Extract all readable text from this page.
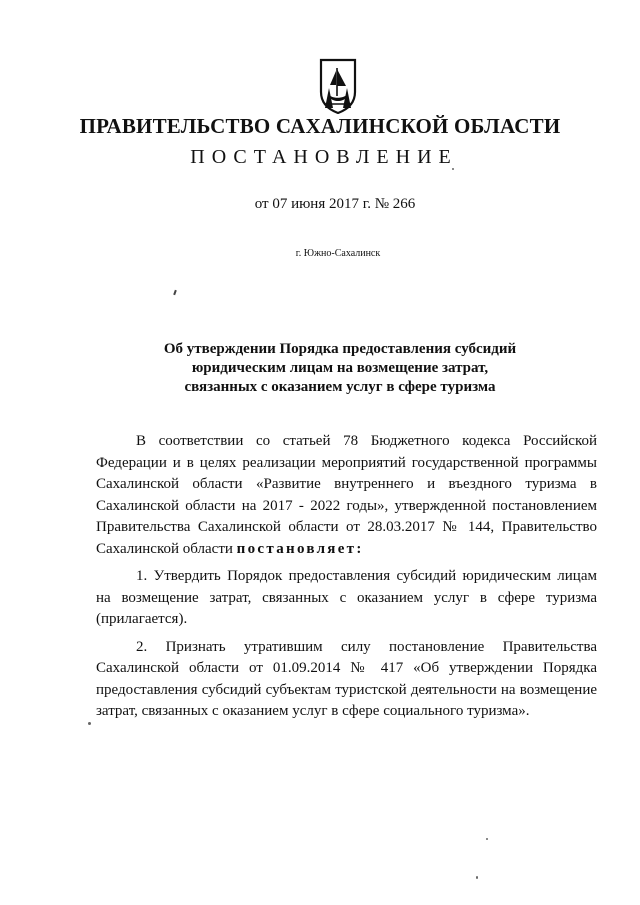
ПРАВИТЕЛЬСТВО САХАЛИНСКОЙ ОБЛАСТИ
ПОСТАНОВЛЕНИЕ
от 07 июня 2017 г. № 266
г. Южно-Сахалинск
Об утверждении Порядка предоставления субсидий
юридическим лицам на возмещение затрат,
связанных с оказанием услуг в сфере туризма

В соответствии со статьей 78 Бюджетного кодекса Российской Федерации и в целях реализации мероприятий государственной программы Сахалинской области «Развитие внутреннего и въездного туризма в Сахалинской области на 2017 - 2022 годы», утвержденной постановлением Правительства Сахалинской области от 28.03.2017 № 144, Правительство Сахалинской области постановляет:

1. Утвердить Порядок предоставления субсидий юридическим лицам на возмещение затрат, связанных с оказанием услуг в сфере туризма (прилагается).

2. Признать утратившим силу постановление Правительства Сахалинской области от 01.09.2014 № 417 «Об утверждении Порядка предоставления субсидий субъектам туристской деятельности на возмещение затрат, связанных с оказанием услуг в сфере социального туризма».
